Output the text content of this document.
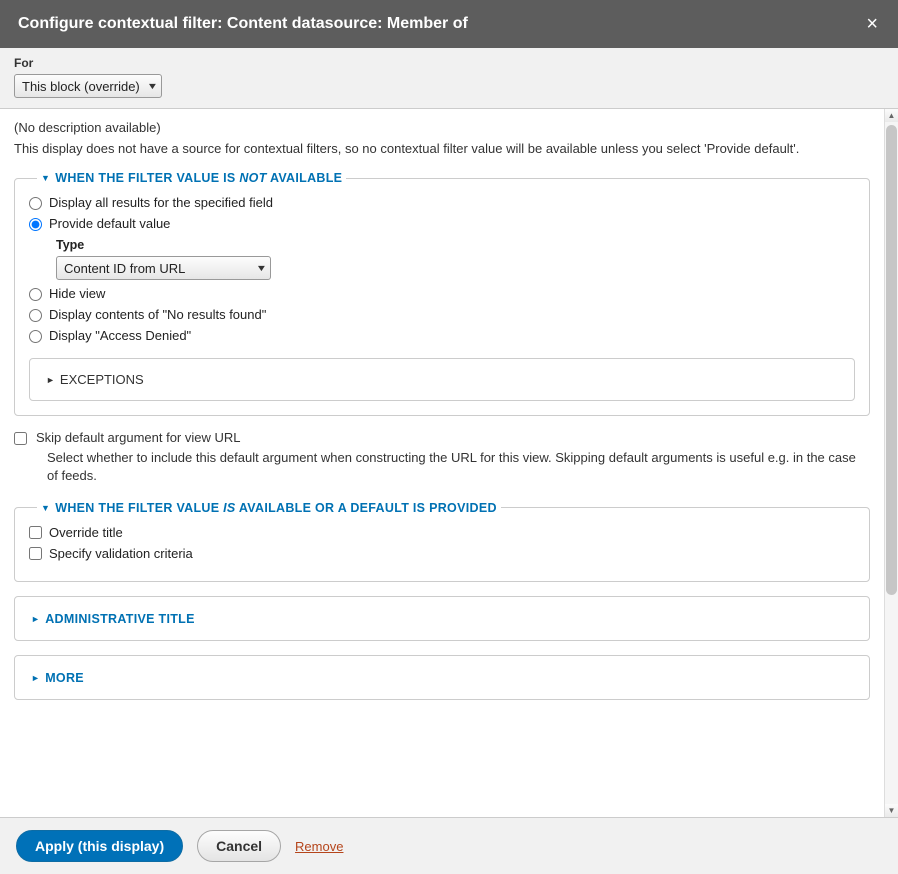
Configure contextual filter: Content datasource: Member of	×
For
This block (override) ▼

(No description available)

This display does not have a source for contextual filters, so no contextual filter value will be available unless you select 'Provide default'.

▼ WHEN THE FILTER VALUE IS NOT AVAILABLE
Display all results for the specified field
Provide default value
Type
Content ID from URL	▼
Hide view
Display contents of "No results found"
Display "Access Denied"
► EXCEPTIONS
Skip default argument for view URL

Select whether to include this default argument when constructing the URL for this view. Skipping default arguments is useful e.g. in the case of feeds.

▼ WHEN THE FILTER VALUE IS AVAILABLE OR A DEFAULT IS PROVIDED
Override title
Specify validation criteria
► ADMINISTRATIVE TITLE
► MORE
▲
▼
Apply (this display)	Cancel	Remove
